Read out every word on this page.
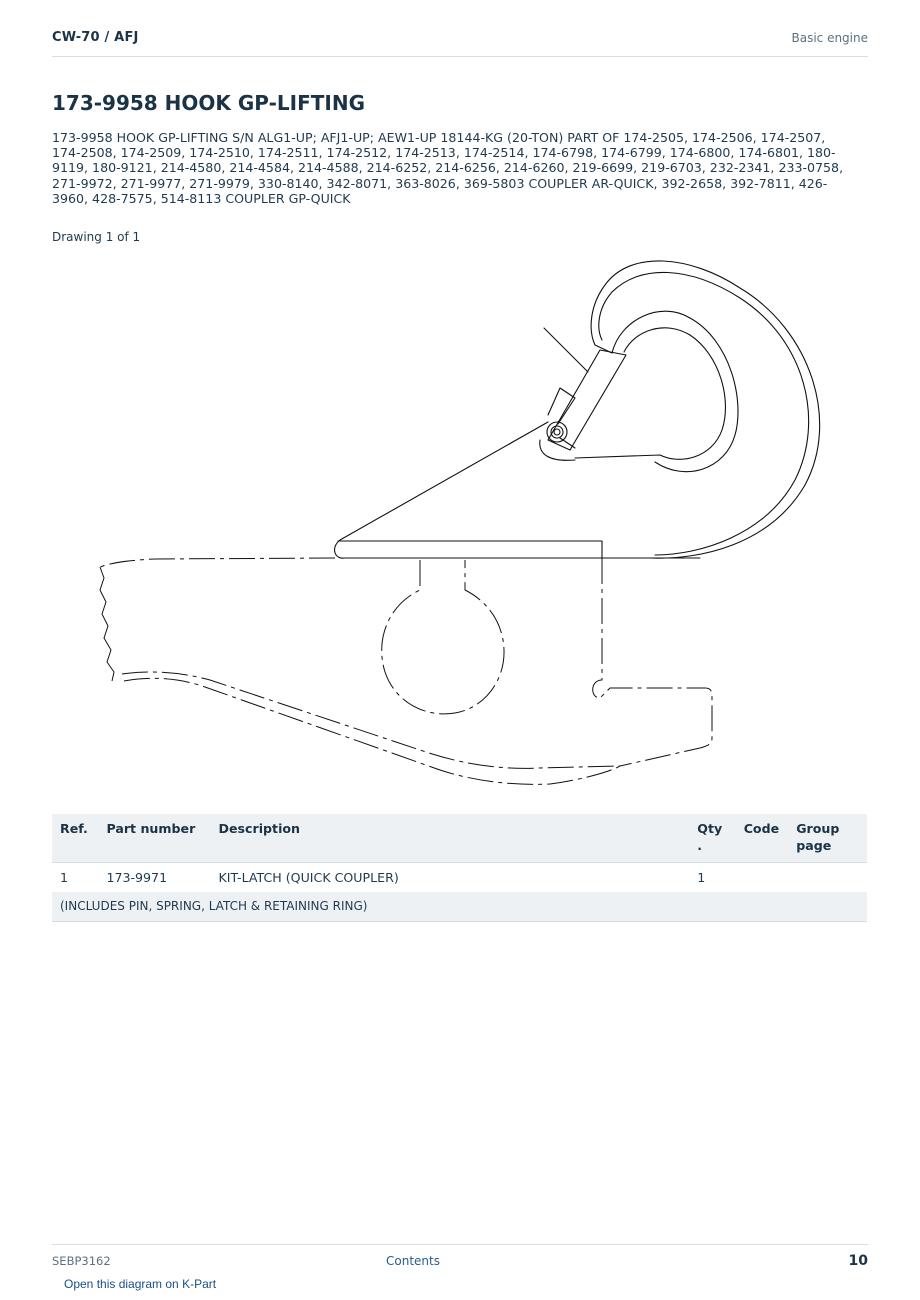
CW-70 / AFJ	Basic engine
173-9958 HOOK GP-LIFTING

173-9958 HOOK GP-LIFTING S/N ALG1-UP; AFJ1-UP; AEW1-UP 18144-KG (20-TON) PART OF 174-2505, 174-2506, 174-2507, 174-2508, 174-2509, 174-2510, 174-2511, 174-2512, 174-2513, 174-2514, 174-6798, 174-6799, 174-6800, 174-6801, 180-9119, 180-9121, 214-4580, 214-4584, 214-4588, 214-6252, 214-6256, 214-6260, 219-6699, 219-6703, 232-2341, 233-0758, 271-9972, 271-9977, 271-9979, 330-8140, 342-8071, 363-8026, 369-5803 COUPLER AR-QUICK, 392-2658, 392-7811, 426-3960, 428-7575, 514-8113 COUPLER GP-QUICK

Drawing 1 of 1
Ref.	Part number	Description	Qty .	Code	Group page
1	173-9971	KIT-LATCH (QUICK COUPLER)	1		
(INCLUDES PIN, SPRING, LATCH & RETAINING RING)					
SEBP3162	Contents	10
Open this diagram on K-Part
